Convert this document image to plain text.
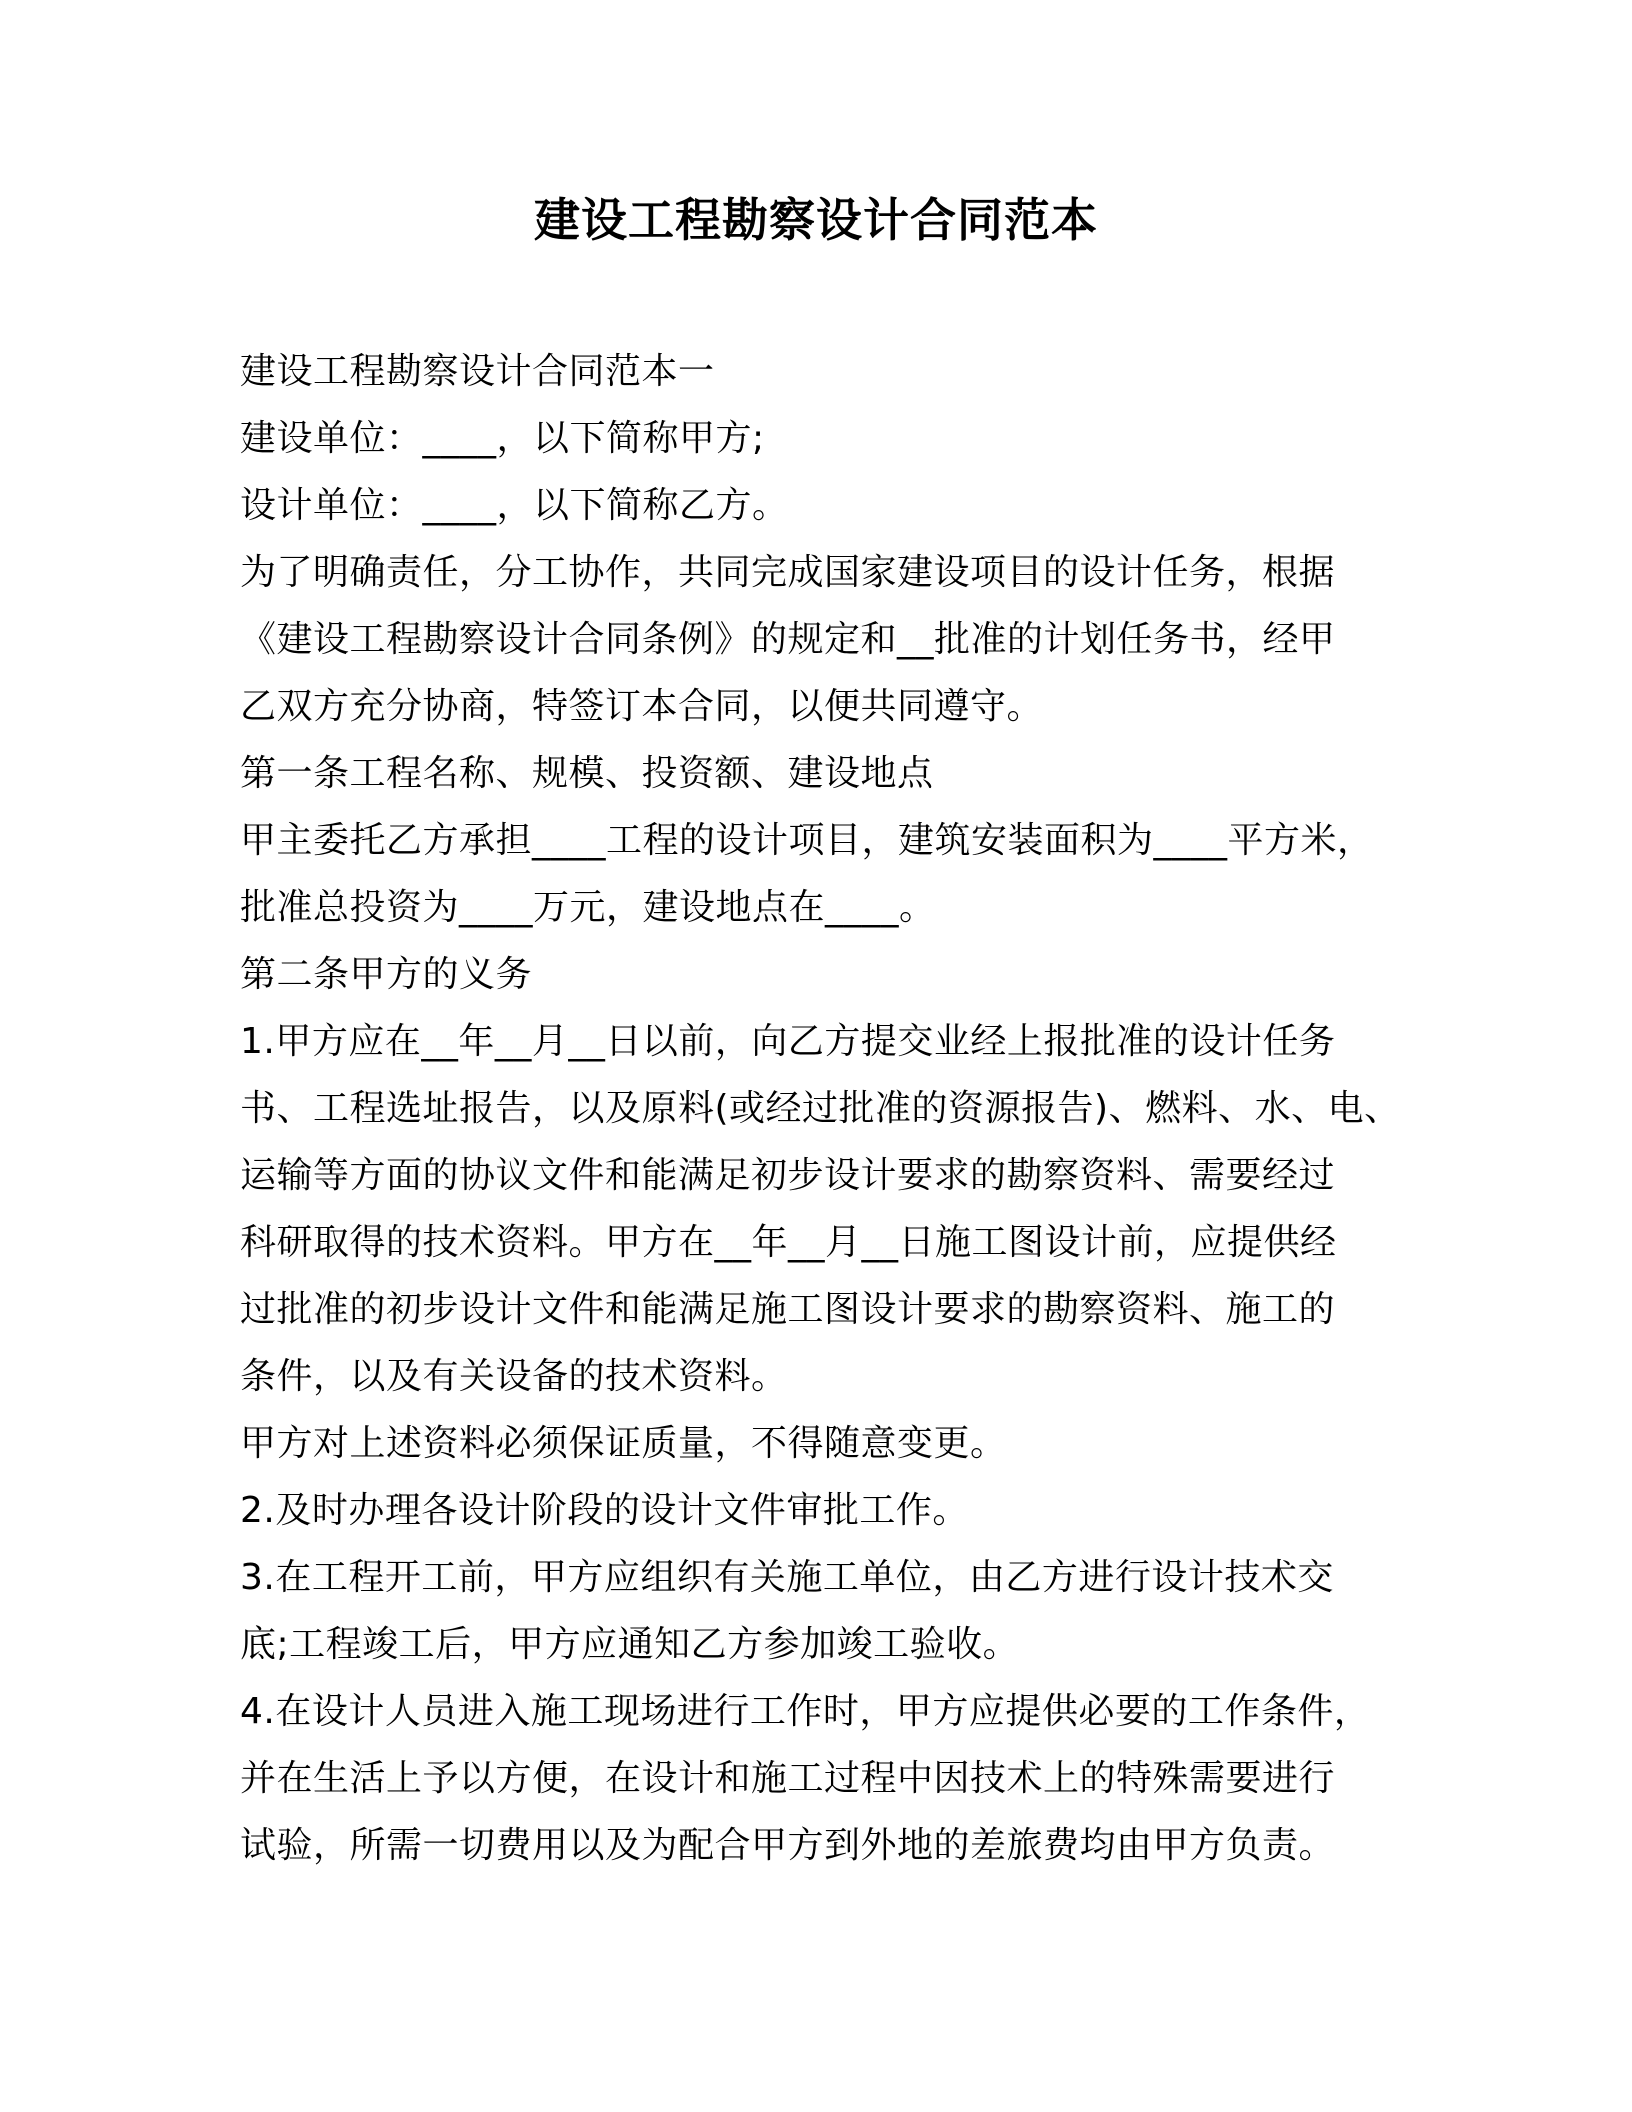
建设工程勘察设计合同范本
建设工程勘察设计合同范本一
建设单位：____，以下简称甲方;
设计单位：____，以下简称乙方。
为了明确责任，分工协作，共同完成国家建设项目的设计任务，根据
《建设工程勘察设计合同条例》的规定和__批准的计划任务书，经甲
乙双方充分协商，特签订本合同，以便共同遵守。
第一条工程名称、规模、投资额、建设地点
甲主委托乙方承担____工程的设计项目，建筑安装面积为____平方米，
批准总投资为____万元，建设地点在____。
第二条甲方的义务
1.甲方应在__年__月__日以前，向乙方提交业经上报批准的设计任务
书、工程选址报告，以及原料(或经过批准的资源报告)、燃料、水、电、
运输等方面的协议文件和能满足初步设计要求的勘察资料、需要经过
科研取得的技术资料。甲方在__年__月__日施工图设计前，应提供经
过批准的初步设计文件和能满足施工图设计要求的勘察资料、施工的
条件，以及有关设备的技术资料。
甲方对上述资料必须保证质量，不得随意变更。
2.及时办理各设计阶段的设计文件审批工作。
3.在工程开工前，甲方应组织有关施工单位，由乙方进行设计技术交
底;工程竣工后，甲方应通知乙方参加竣工验收。
4.在设计人员进入施工现场进行工作时，甲方应提供必要的工作条件，
并在生活上予以方便，在设计和施工过程中因技术上的特殊需要进行
试验，所需一切费用以及为配合甲方到外地的差旅费均由甲方负责。
